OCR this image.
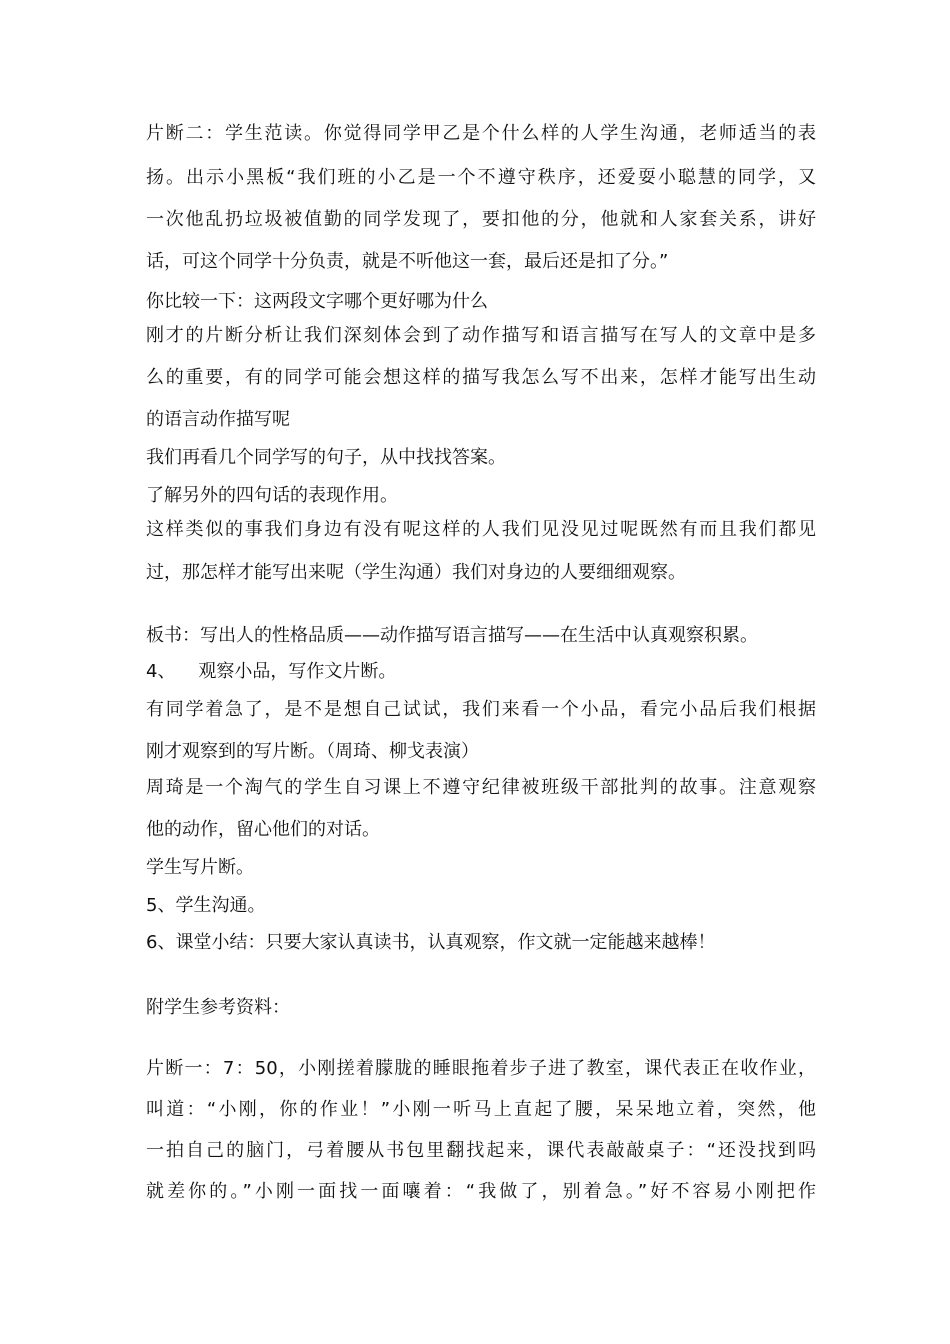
片断二：学生范读。你觉得同学甲乙是个什么样的人学生沟通，老师适当的表
扬。出示小黑板“我们班的小乙是一个不遵守秩序，还爱耍小聪慧的同学，又
一次他乱扔垃圾被值勤的同学发现了，要扣他的分，他就和人家套关系，讲好
话，可这个同学十分负责，就是不听他这一套，最后还是扣了分。”
你比较一下：这两段文字哪个更好哪为什么
刚才的片断分析让我们深刻体会到了动作描写和语言描写在写人的文章中是多
么的重要，有的同学可能会想这样的描写我怎么写不出来，怎样才能写出生动
的语言动作描写呢
我们再看几个同学写的句子，从中找找答案。
了解另外的四句话的表现作用。
这样类似的事我们身边有没有呢这样的人我们见没见过呢既然有而且我们都见
过，那怎样才能写出来呢（学生沟通）我们对身边的人要细细观察。
板书：写出人的性格品质——动作描写语言描写——在生活中认真观察积累。
4、    观察小品，写作文片断。
有同学着急了，是不是想自己试试，我们来看一个小品，看完小品后我们根据
刚才观察到的写片断。（周琦、柳戈表演）
周琦是一个淘气的学生自习课上不遵守纪律被班级干部批判的故事。注意观察
他的动作，留心他们的对话。
学生写片断。
5、学生沟通。
6、课堂小结：只要大家认真读书，认真观察，作文就一定能越来越棒！
附学生参考资料：
片断一：7：50，小刚搓着朦胧的睡眼拖着步子进了教室，课代表正在收作业，
叫道：“小刚，你的作业！”小刚一听马上直起了腰，呆呆地立着，突然，他
一拍自己的脑门，弓着腰从书包里翻找起来，课代表敲敲桌子：“还没找到吗
就差你的。”小刚一面找一面嚷着：“我做了，别着急。”好不容易小刚把作
